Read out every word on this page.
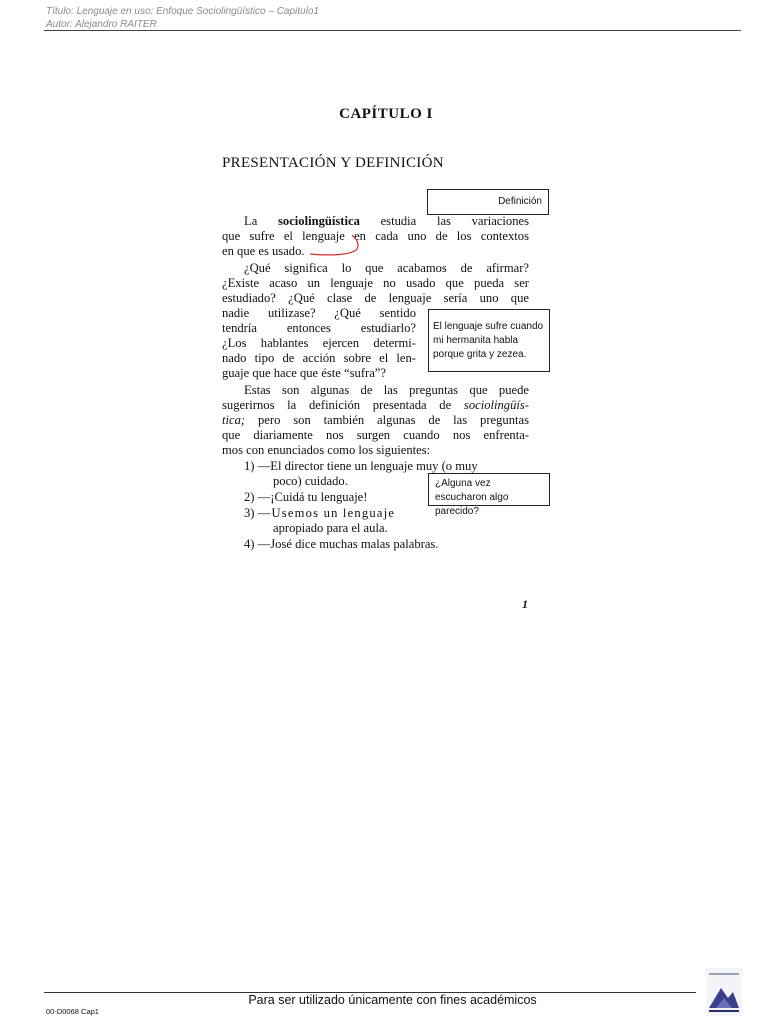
Título: Lenguaje en uso: Enfoque Sociolingüístico – Capitulo1
Autor: Alejandro RAITER
CAPÍTULO I
PRESENTACIÓN Y DEFINICIÓN
Definición
La sociolingüística estudia las variaciones
que sufre el lenguaje en cada uno de los contextos
en que es usado.
¿Qué significa lo que acabamos de afirmar?
¿Existe acaso un lenguaje no usado que pueda ser
estudiado? ¿Qué clase de lenguaje sería uno que
nadie utilizase? ¿Qué sentido
tendría entonces estudiarlo?
¿Los hablantes ejercen determi-
nado tipo de acción sobre el len-
guaje que hace que éste “sufra”?

El lenguaje sufre cuando mi hermanita habla porque grita y zezea.

Estas son algunas de las preguntas que puede
sugerirnos la definición presentada de sociolingüís-
tica; pero son también algunas de las preguntas
que diariamente nos surgen cuando nos enfrenta-
mos con enunciados como los siguientes:
1) —El director tiene un lenguaje muy (o muy
poco) cuidado.
2) —¡Cuidá tu lenguaje!
3) —Usemos un lenguaje
apropiado para el aula.
4) —José dice muchas malas palabras.

¿Alguna vez escucharon algo parecido?

1
Para ser utilizado únicamente con fines académicos
00-D0068 Cap1
